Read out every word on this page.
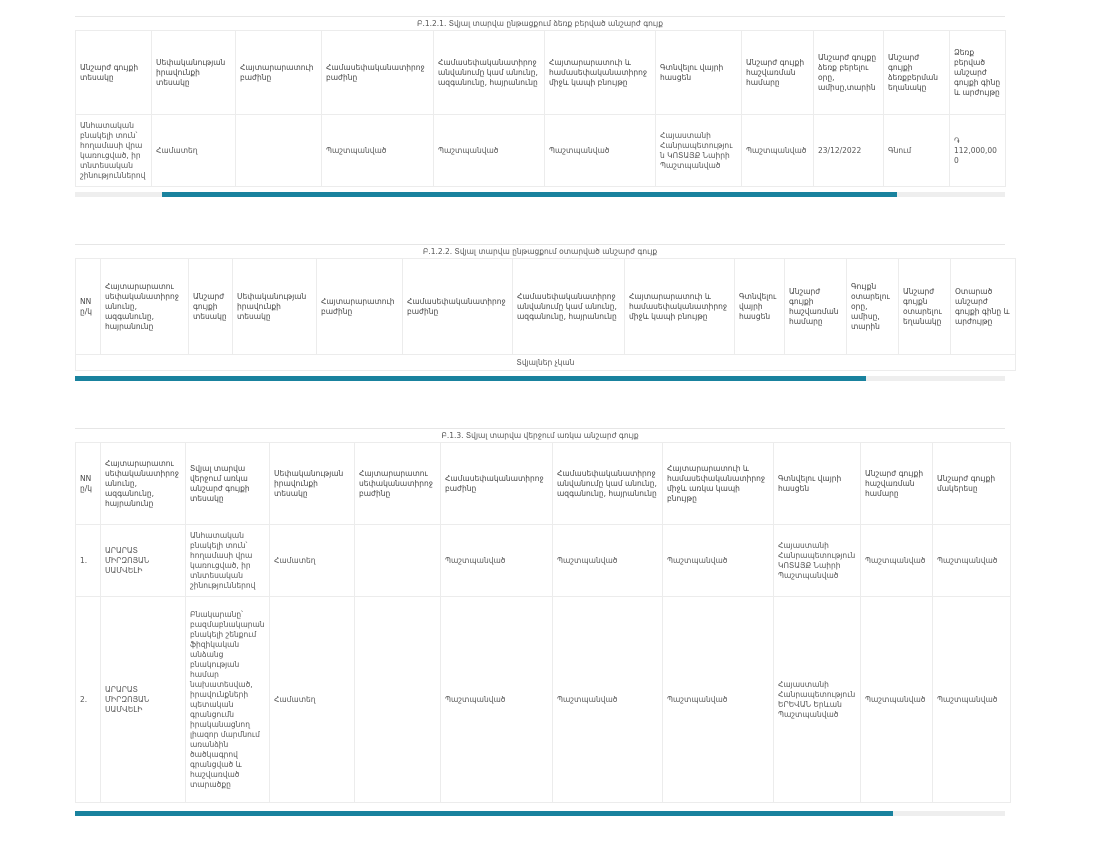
Բ.1.2.1. Տվյալ տարվա ընթացքում ձեռք բերված անշարժ գույք
Անշարժ գույքի տեսակը	Սեփականության իրավունքի տեսակը	Հայտարարատուի բաժինը	Համասեփականատիրոջ բաժինը	Համասեփականատիրոջ անվանումը կամ անունը, ազգանունը, հայրանունը	Հայտարարատուի և համասեփականատիրոջ միջև կապի բնույթը	Գտնվելու վայրի հասցեն	Անշարժ գույքի հաշվառման համարը	Անշարժ գույքը ձեռք բերելու օրը, ամիսը,տարին	Անշարժ գույքի ձեռքբերման եղանակը	Ձեռք բերված անշարժ գույքի գինը և արժույթը
Անհատական բնակելի տուն՝ հողամասի վրա կառուցված, իր տնտեսական շինություններով	Համատեղ		Պաշտպանված	Պաշտպանված	Պաշտպանված	Հայաստանի Հանրապետություն ԿՈՏԱՅՔ Նաիրի Պաշտպանված	Պաշտպանված	23/12/2022	Գնում	֏ 112,000,000
Բ.1.2.2. Տվյալ տարվա ընթացքում օտարված անշարժ գույք
NN ը/կ	Հայտարարատու սեփականատիրոջ անունը, ազգանունը, հայրանունը	Անշարժ գույքի տեսակը	Սեփականության իրավունքի տեսակը	Հայտարարատուի բաժինը	Համասեփականատիրոջ բաժինը	Համասեփականատիրոջ անվանումը կամ անունը, ազգանունը, հայրանունը	Հայտարարատուի և համասեփականատիրոջ միջև կապի բնույթը	Գտնվելու վայրի հասցեն	Անշարժ գույքի հաշվառման համարը	Գույքն օտարելու օրը, ամիսը, տարին	Անշարժ գույքն օտարելու եղանակը	Օտարած անշարժ գույքի գինը և արժույթը
Տվյալներ չկան
Բ.1.3. Տվյալ տարվա վերջում առկա անշարժ գույք
NN ը/կ	Հայտարարատու սեփականատիրոջ անունը, ազգանունը, հայրանունը	Տվյալ տարվա վերջում առկա անշարժ գույքի տեսակը	Սեփականության իրավունքի տեսակը	Հայտարարատու սեփականատիրոջ բաժինը	Համասեփականատիրոջ բաժինը	Համասեփականատիրոջ անվանումը կամ անունը, ազգանունը, հայրանունը	Հայտարարատուի և համասեփականատիրոջ միջև առկա կապի բնույթը	Գտնվելու վայրի հասցեն	Անշարժ գույքի հաշվառման համարը	Անշարժ գույքի մակերեսը
1.	ԱՐԱՐԱՏ ՄԻՐԶՈՅԱՆ ՍԱՄՎԵԼԻ	Անհատական բնակելի տուն՝ հողամասի վրա կառուցված, իր տնտեսական շինություններով	Համատեղ		Պաշտպանված	Պաշտպանված	Պաշտպանված	Հայաստանի Հանրապետություն ԿՈՏԱՅՔ Նաիրի Պաշտպանված	Պաշտպանված	Պաշտպանված
2.	ԱՐԱՐԱՏ ՄԻՐԶՈՅԱՆ ՍԱՄՎԵԼԻ	Բնակարանը՝ բազմաբնակարան բնակելի շենքում ֆիզիկական անձանց բնակության համար նախատեսված, իրավունքների պետական գրանցումն իրականացնող լիազոր մարմնում առանձին ծածկագրով գրանցված և հաշվառված տարածքը	Համատեղ		Պաշտպանված	Պաշտպանված	Պաշտպանված	Հայաստանի Հանրապետություն ԵՐԵՎԱՆ Երևան Պաշտպանված	Պաշտպանված	Պաշտպանված
